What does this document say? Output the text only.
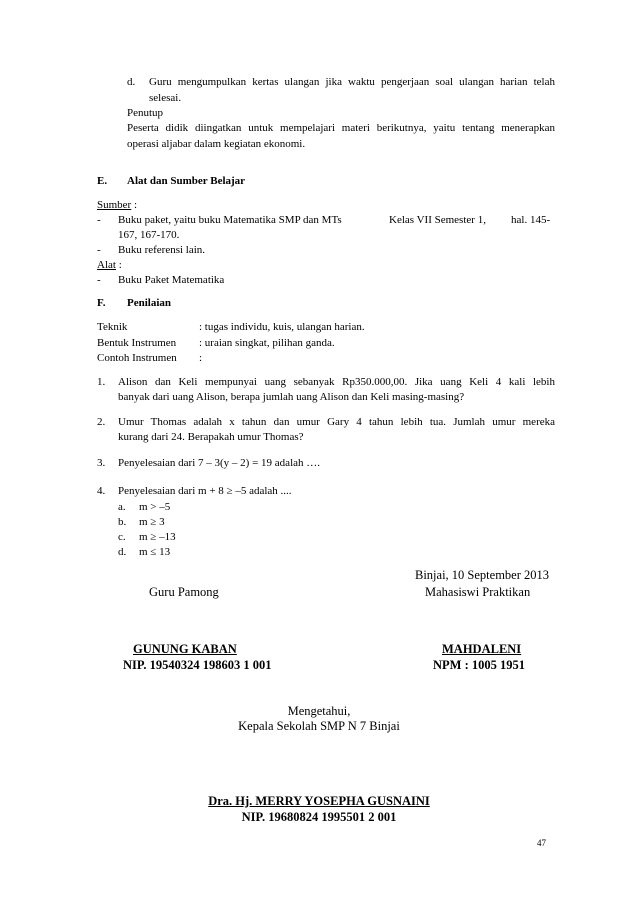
d. Guru mengumpulkan kertas ulangan jika waktu pengerjaan soal ulangan harian telah
selesai.
Penutup
Peserta didik diingatkan untuk mempelajari materi berikutnya, yaitu tentang menerapkan
operasi aljabar dalam kegiatan ekonomi.
E. Alat dan Sumber Belajar
Sumber :
- Buku paket, yaitu buku Matematika SMP dan MTs	Kelas VII Semester 1, hal. 145-
167, 167-170.
- Buku referensi lain.
Alat :
- Buku Paket Matematika
F. Penilaian
Teknik	: tugas individu, kuis, ulangan harian.
Bentuk Instrumen : uraian singkat, pilihan ganda.
Contoh Instrumen :
1. Alison dan Keli mempunyai uang sebanyak Rp350.000,00. Jika uang Keli 4 kali lebih
banyak dari uang Alison, berapa jumlah uang Alison dan Keli masing-masing?
2. Umur Thomas adalah x tahun dan umur Gary 4 tahun lebih tua. Jumlah umur mereka
kurang dari 24. Berapakah umur Thomas?
3. Penyelesaian dari 7 – 3(y – 2) = 19 adalah ….
4. Penyelesaian dari m + 8 ≥ –5 adalah ....
a. m > –5
b. m ≥ 3
c. m ≥ –13
d. m ≤ 13
Binjai, 10 September 2013
Guru Pamong	Mahasiswi Praktikan
GUNUNG KABAN
NIP. 19540324 198603 1 001
MAHDALENI
NPM : 1005 1951
Mengetahui,
Kepala Sekolah SMP N 7 Binjai
Dra. Hj. MERRY YOSEPHA GUSNAINI
NIP. 19680824 1995501 2 001
47
